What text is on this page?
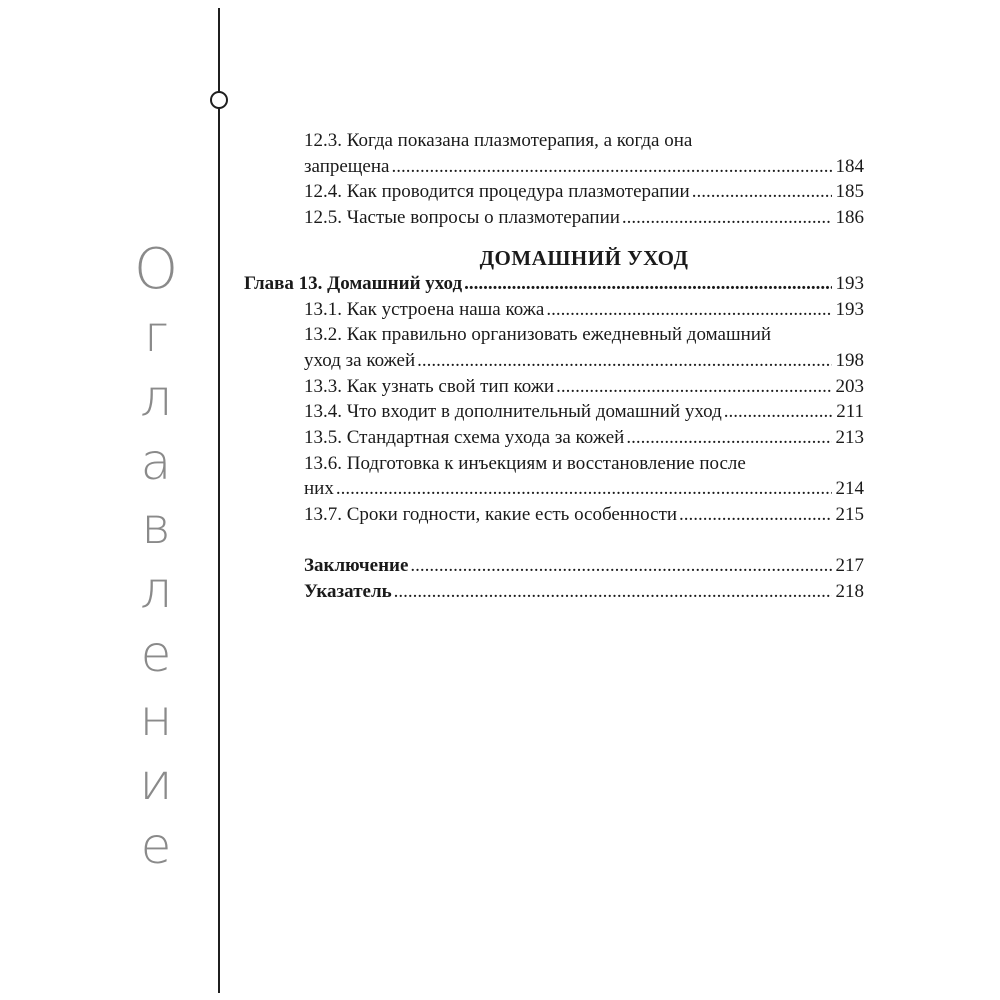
О
г
л
а
в
л
е
н
и
е
12.3. Когда показана плазмотерапия, а когда она
запрещена .....	184
12.4. Как проводится процедура плазмотерапии .....	185
12.5. Частые вопросы о плазмотерапии .....	186
ДОМАШНИЙ УХОД
Глава 13. Домашний уход .....	193
13.1. Как устроена наша кожа .....	193
13.2. Как правильно организовать ежедневный домашний
уход за кожей .....	198
13.3. Как узнать свой тип кожи .....	203
13.4. Что входит в дополнительный домашний уход .....	211
13.5. Стандартная схема ухода за кожей .....	213
13.6. Подготовка к инъекциям и восстановление после
них .....	214
13.7. Сроки годности, какие есть особенности .....	215
Заключение .....	217
Указатель .....	218
